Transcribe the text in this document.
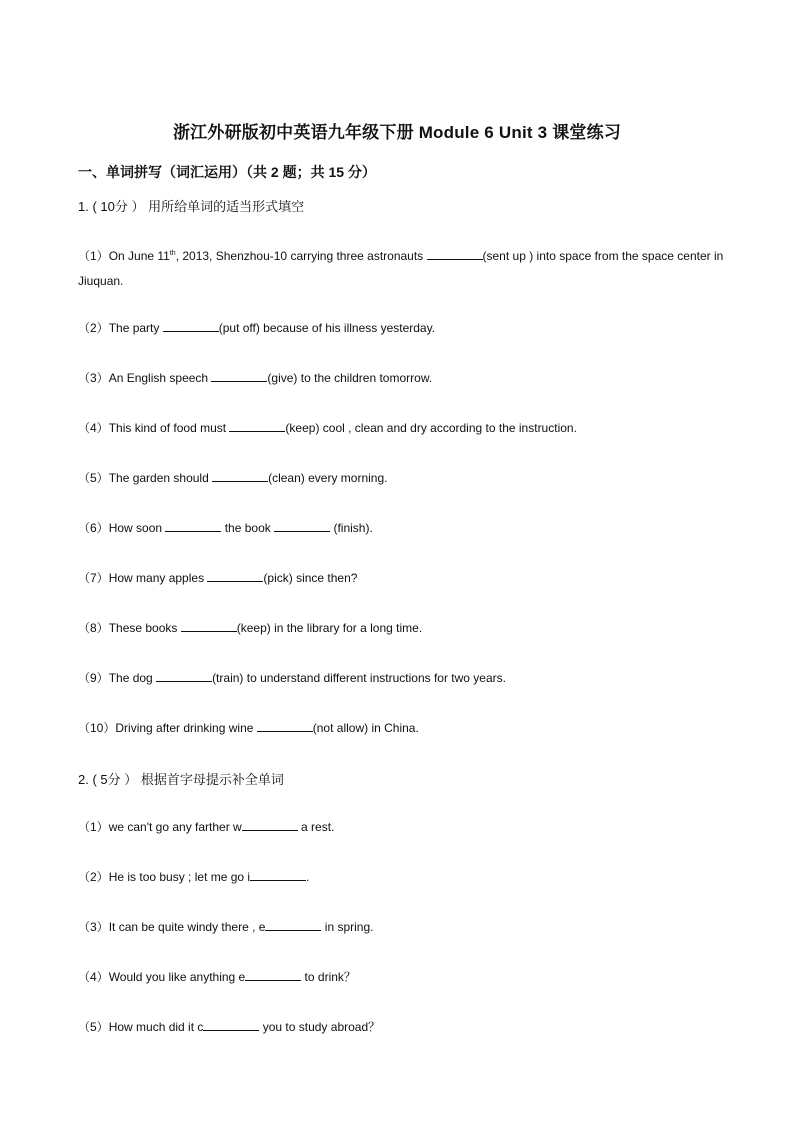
浙江外研版初中英语九年级下册 Module 6 Unit 3 课堂练习
一、单词拼写（词汇运用）（共 2 题；共 15 分）
1. ( 10分 ） 用所给单词的适当形式填空
（1）On June 11th, 2013, Shenzhou-10 carrying three astronauts	(sent up ) into space from the space center in Jiuquan.
（2）The party	(put off) because of his illness yesterday.
（3）An English speech	(give) to the children tomorrow.
（4）This kind of food must	(keep) cool , clean and dry according to the instruction.
（5）The garden should	(clean) every morning.
（6）How soon	the book	(finish).
（7）How many apples	(pick) since then?
（8）These books	(keep) in the library for a long time.
（9）The dog	(train) to understand different instructions for two years.
（10）Driving after drinking wine	(not allow) in China.
2. ( 5分 ） 根据首字母提示补全单词
（1）we can't go any farther w	a rest.
（2）He is too busy ; let me go i	.
（3）It can be quite windy there , e	in spring.
（4）Would you like anything e	to drink？
（5）How much did it c	you to study abroad？
